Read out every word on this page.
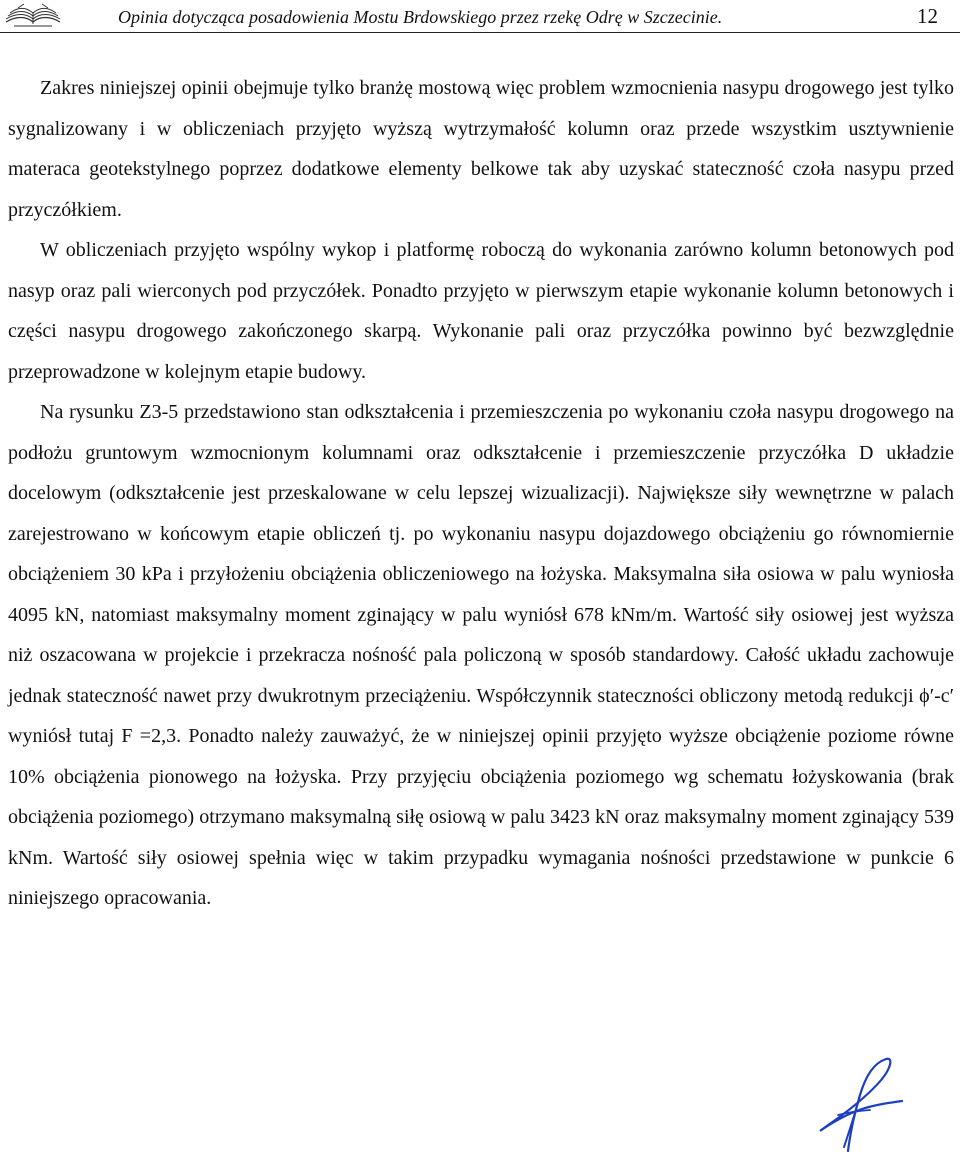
Opinia dotycząca posadowienia Mostu Brdowskiego przez rzekę Odrę w Szczecinie.	12

Zakres niniejszej opinii obejmuje tylko branżę mostową więc problem wzmocnienia nasypu drogowego jest tylko sygnalizowany i w obliczeniach przyjęto wyższą wytrzymałość kolumn oraz przede wszystkim usztywnienie materaca geotekstylnego poprzez dodatkowe elementy belkowe tak aby uzyskać stateczność czoła nasypu przed przyczółkiem.

W obliczeniach przyjęto wspólny wykop i platformę roboczą do wykonania zarówno kolumn betonowych pod nasyp oraz pali wierconych pod przyczółek. Ponadto przyjęto w pierwszym etapie wykonanie kolumn betonowych i części nasypu drogowego zakończonego skarpą. Wykonanie pali oraz przyczółka powinno być bezwzględnie przeprowadzone w kolejnym etapie budowy.

Na rysunku Z3-5 przedstawiono stan odkształcenia i przemieszczenia po wykonaniu czoła nasypu drogowego na podłożu gruntowym wzmocnionym kolumnami oraz odkształcenie i przemieszczenie przyczółka D układzie docelowym (odkształcenie jest przeskalowane w celu lepszej wizualizacji). Największe siły wewnętrzne w palach zarejestrowano w końcowym etapie obliczeń tj. po wykonaniu nasypu dojazdowego obciążeniu go równomiernie obciążeniem 30 kPa i przyłożeniu obciążenia obliczeniowego na łożyska. Maksymalna siła osiowa w palu wyniosła 4095 kN, natomiast maksymalny moment zginający w palu wyniósł 678 kNm/m. Wartość siły osiowej jest wyższa niż oszacowana w projekcie i przekracza nośność pala policzoną w sposób standardowy. Całość układu zachowuje jednak stateczność nawet przy dwukrotnym przeciążeniu. Współczynnik stateczności obliczony metodą redukcji ϕ′-c′ wyniósł tutaj F =2,3. Ponadto należy zauważyć, że w niniejszej opinii przyjęto wyższe obciążenie poziome równe 10% obciążenia pionowego na łożyska. Przy przyjęciu obciążenia poziomego wg schematu łożyskowania (brak obciążenia poziomego) otrzymano maksymalną siłę osiową w palu 3423 kN oraz maksymalny moment zginający 539 kNm. Wartość siły osiowej spełnia więc w takim przypadku wymagania nośności przedstawione w punkcie 6 niniejszego opracowania.
